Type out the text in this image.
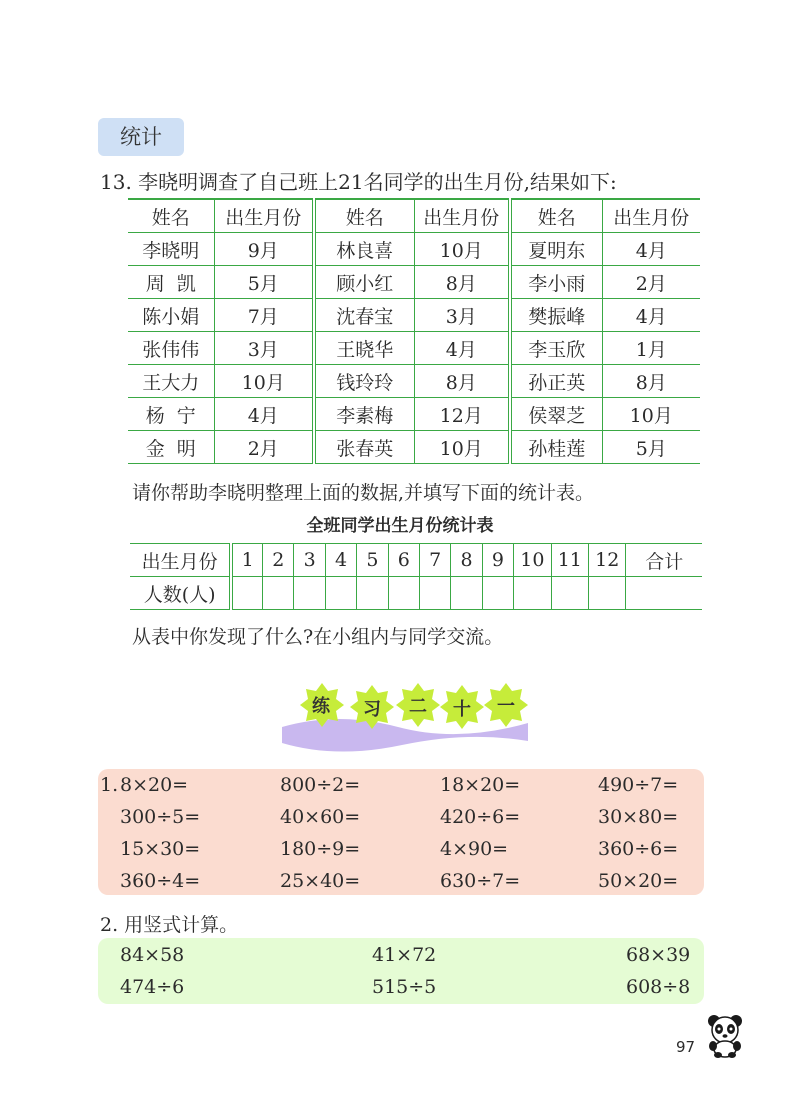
统计
13. 李晓明调查了自己班上21名同学的出生月份,结果如下:
姓名	出生月份	姓名	出生月份	姓名	出生月份
李晓明	9月	林良喜	10月	夏明东	4月
周  凯	5月	顾小红	8月	李小雨	2月
陈小娟	7月	沈春宝	3月	樊振峰	4月
张伟伟	3月	王晓华	4月	李玉欣	1月
王大力	10月	钱玲玲	8月	孙正英	8月
杨  宁	4月	李素梅	12月	侯翠芝	10月
金  明	2月	张春英	10月	孙桂莲	5月
请你帮助李晓明整理上面的数据,并填写下面的统计表。
全班同学出生月份统计表
出生月份	1	2	3	4	5	6	7	8	9	10	11	12	合计
人数(人)													
从表中你发现了什么?在小组内与同学交流。
练 习 二 十 一
1. 8×20=	800÷2=	18×20=	490÷7=
300÷5=	40×60=	420÷6=	30×80=
15×30=	180÷9=	4×90=	360÷6=
360÷4=	25×40=	630÷7=	50×20=
2. 用竖式计算。
84×58	41×72	68×39
474÷6	515÷5	608÷8
97
